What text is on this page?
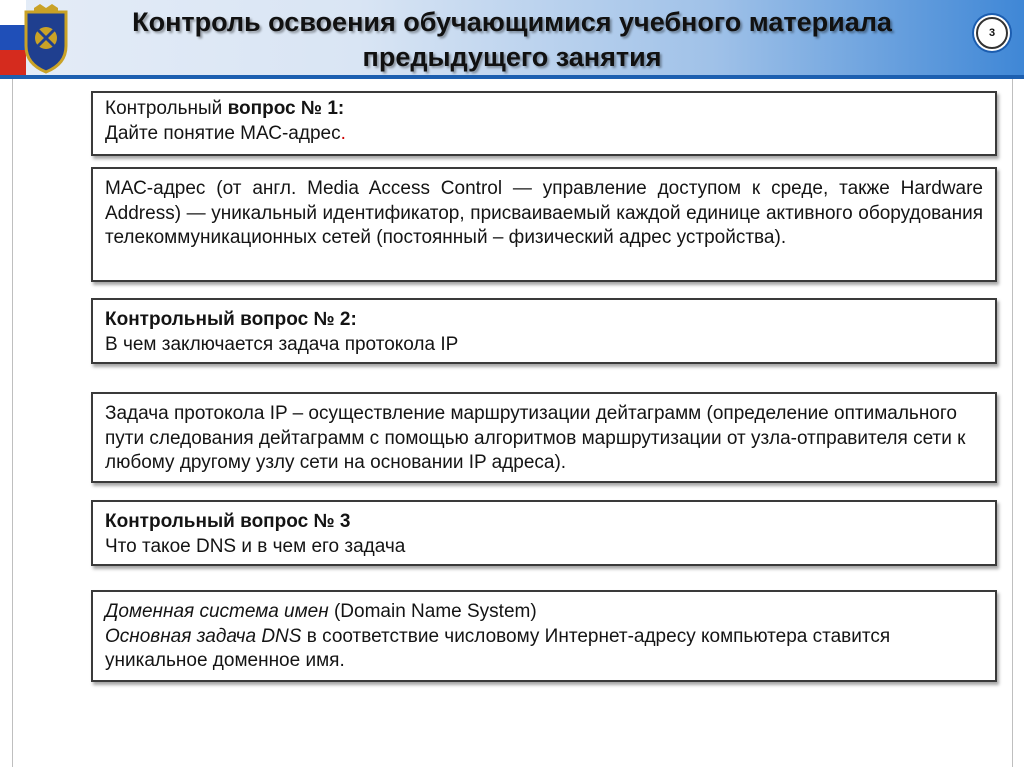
Контроль освоения обучающимися учебного материала
предыдущего занятия
3

Контрольный вопрос № 1:

Дайте понятие МАС-адрес.

МАС-адрес (от англ. Media Access Control — управление доступом к среде, также Hardware Address) — уникальный идентификатор, присваиваемый каждой единице активного оборудования телекоммуникационных сетей (постоянный – физический адрес устройства).

Контрольный вопрос № 2:

В чем заключается задача протокола IP

Задача протокола IP – осуществление маршрутизации дейтаграмм (определение оптимального пути следования дейтаграмм с помощью алгоритмов маршрутизации от узла-отправителя сети к любому другому узлу сети на основании IP адреса).

Контрольный вопрос № 3

Что такое DNS и в чем его задача

Доменная система имен (Domain Name System)

Основная задача DNS в соответствие числовому Интернет-адресу компьютера ставится уникальное доменное имя.
